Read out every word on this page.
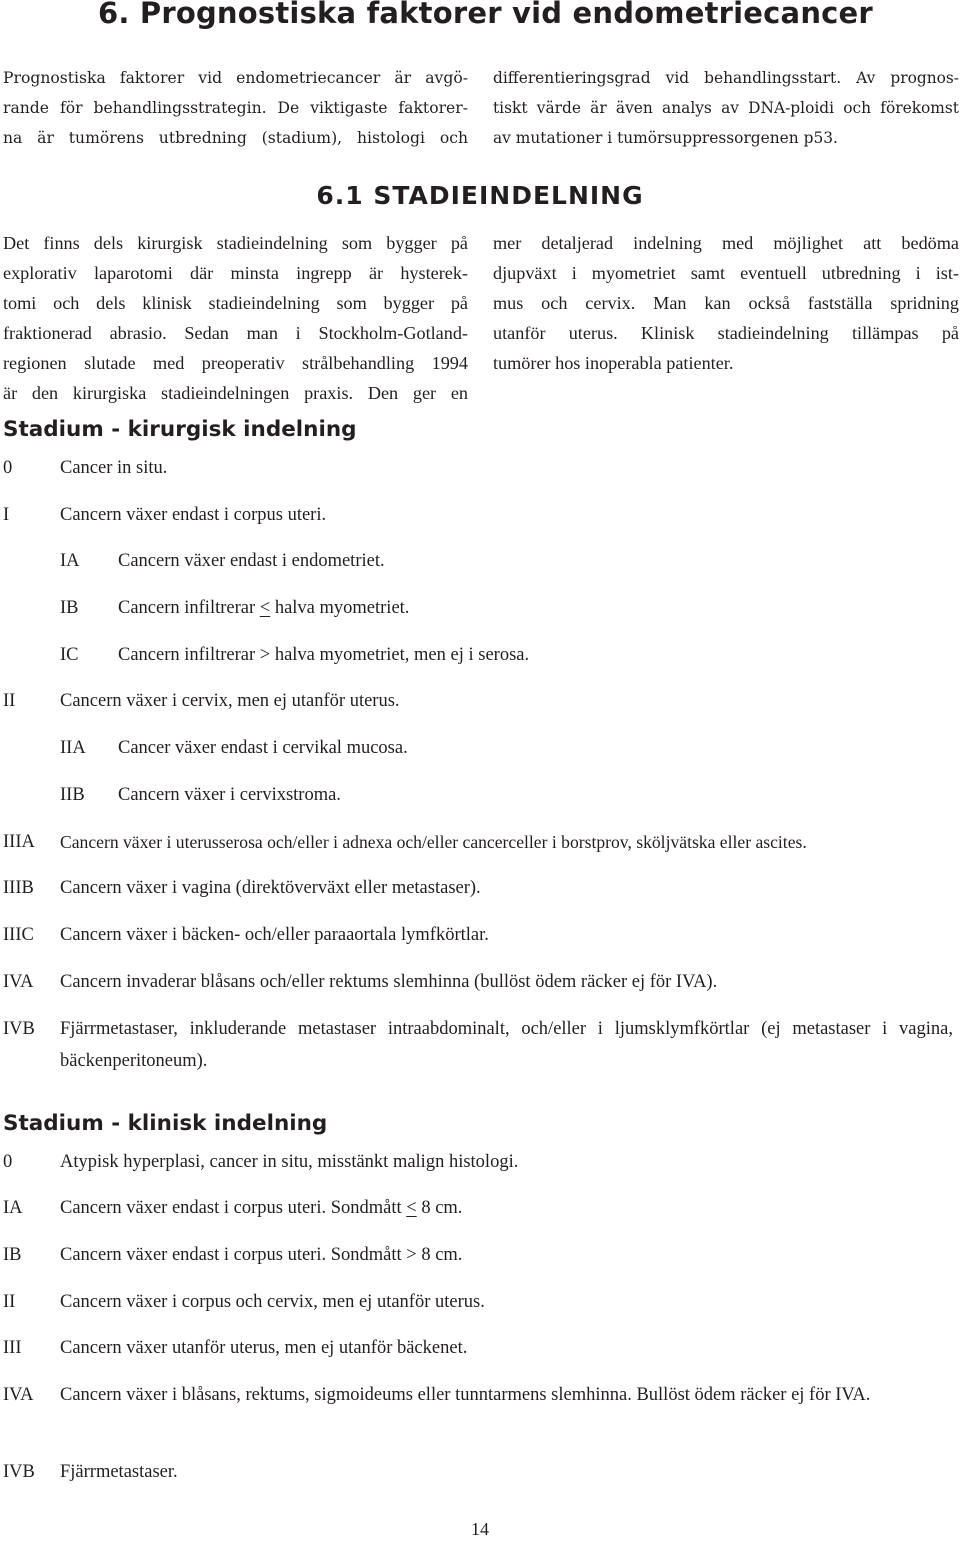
6. Prognostiska faktorer vid endometriecancer
Prognostiska faktorer vid endometriecancer är avgö-
rande för behandlingsstrategin. De viktigaste faktorer-
na är tumörens utbredning (stadium), histologi och
differentieringsgrad vid behandlingsstart. Av prognos-
tiskt värde är även analys av DNA-ploidi och förekomst
av mutationer i tumörsuppressorgenen p53.
6.1 STADIEINDELNING
Det finns dels kirurgisk stadieindelning som bygger på
explorativ laparotomi där minsta ingrepp är hysterek-
tomi och dels klinisk stadieindelning som bygger på
fraktionerad abrasio. Sedan man i Stockholm-Gotland-
regionen slutade med preoperativ strålbehandling 1994
är den kirurgiska stadieindelningen praxis. Den ger en
mer detaljerad indelning med möjlighet att bedöma
djupväxt i myometriet samt eventuell utbredning i ist-
mus och cervix. Man kan också fastställa spridning
utanför uterus. Klinisk stadieindelning tillämpas på
tumörer hos inoperabla patienter.
Stadium - kirurgisk indelning
0	Cancer in situ.
I	Cancern växer endast i corpus uteri.
IA Cancern växer endast i endometriet.
IB Cancern infiltrerar < halva myometriet.
IC Cancern infiltrerar > halva myometriet, men ej i serosa.
II Cancern växer i cervix, men ej utanför uterus.
IIA Cancer växer endast i cervikal mucosa.
IIB Cancern växer i cervixstroma.
IIIA Cancern växer i uterusserosa och/eller i adnexa och/eller cancerceller i borstprov, sköljvätska eller ascites.
IIIB Cancern växer i vagina (direktöverväxt eller metastaser).
IIIC Cancern växer i bäcken- och/eller paraaortala lymfkörtlar.
IVA Cancern invaderar blåsans och/eller rektums slemhinna (bullöst ödem räcker ej för IVA).
IVB Fjärrmetastaser, inkluderande metastaser intraabdominalt, och/eller i ljumsklymfkörtlar (ej metastaser i vagina, bäckenperitoneum).
Stadium - klinisk indelning
0	Atypisk hyperplasi, cancer in situ, misstänkt malign histologi.
IA Cancern växer endast i corpus uteri. Sondmått ≤ 8 cm.
IB Cancern växer endast i corpus uteri. Sondmått > 8 cm.
II Cancern växer i corpus och cervix, men ej utanför uterus.
III Cancern växer utanför uterus, men ej utanför bäckenet.
IVA Cancern växer i blåsans, rektums, sigmoideums eller tunntarmens slemhinna. Bullöst ödem räcker ej för IVA.
IVB Fjärrmetastaser.
14
